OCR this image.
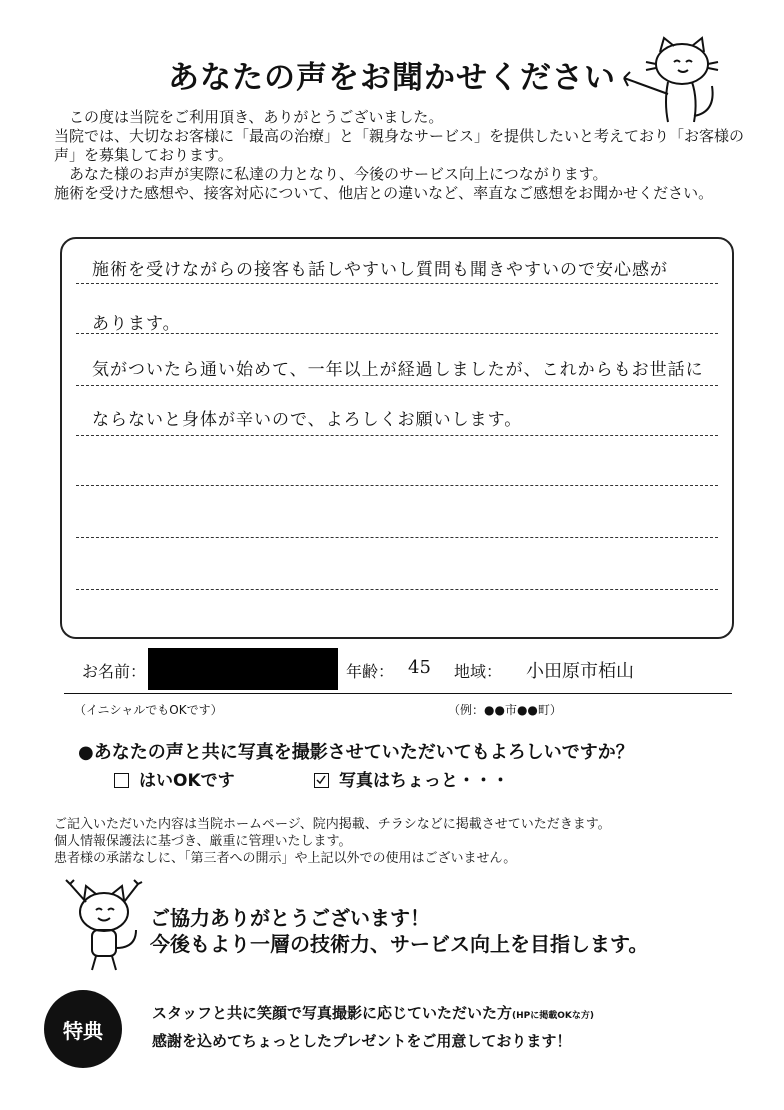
あなたの声をお聞かせください

　この度は当院をご利用頂き、ありがとうございました。

当院では、大切なお客様に「最高の治療」と「親身なサービス」を提供したいと考えており「お客様の声」を募集しております。

　あなた様のお声が実際に私達の力となり、今後のサービス向上につながります。

施術を受けた感想や、接客対応について、他店との違いなど、率直なご感想をお聞かせください。

施術を受けながらの接客も話しやすいし質問も聞きやすいので安心感が
あります。
気がついたら通い始めて、一年以上が経過しましたが、これからもお世話に
ならないと身体が辛いので、よろしくお願いします。
お名前：	年齢： 45 地域： 小田原市栢山
（イニシャルでもOKです）	（例：●●市●●町）
●あなたの声と共に写真を撮影させていただいてもよろしいですか？
はいOKです	写真はちょっと・・・

ご記入いただいた内容は当院ホームページ、院内掲載、チラシなどに掲載させていただきます。

個人情報保護法に基づき、厳重に管理いたします。

患者様の承諾なしに、「第三者への開示」や上記以外での使用はございません。

ご協力ありがとうございます！
今後もより一層の技術力、サービス向上を目指します。
特典
スタッフと共に笑顔で写真撮影に応じていただいた方(HPに掲載OKな方)
感謝を込めてちょっとしたプレゼントをご用意しております！
